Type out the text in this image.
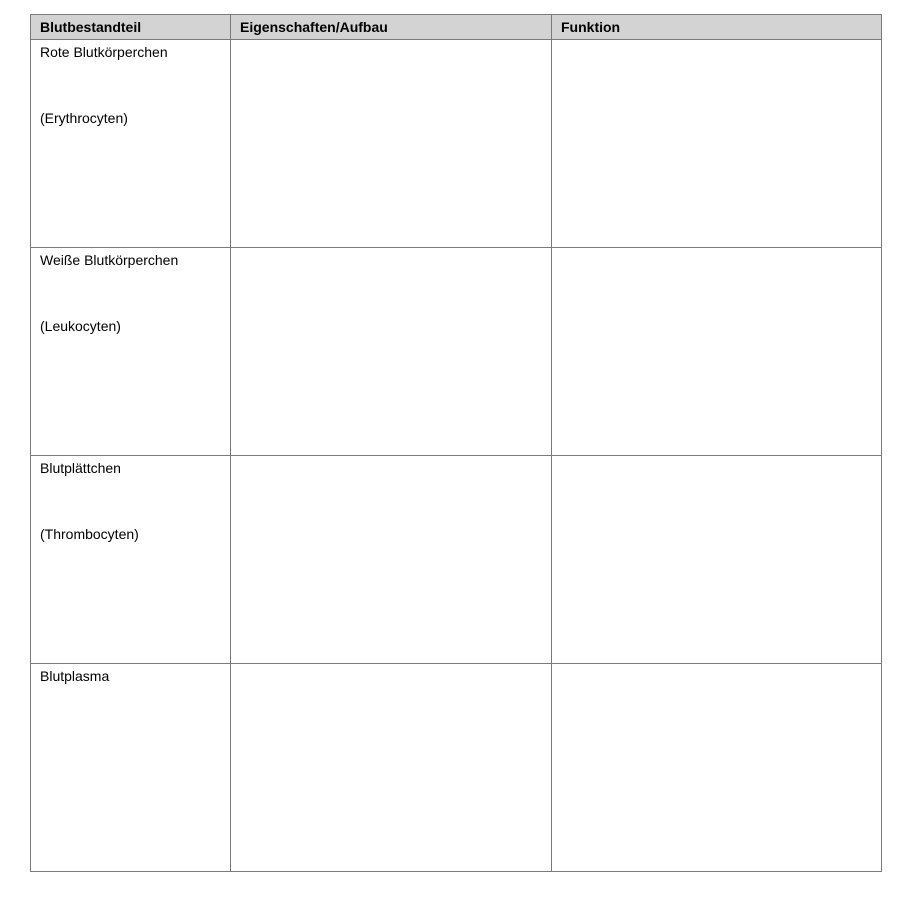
Blutbestandteil	Eigenschaften/Aufbau	Funktion

Rote Blutkörperchen
(Erythrocyten)		

Weiße Blutkörperchen
(Leukocyten)		

Blutplättchen
(Thrombocyten)		

Blutplasma		
